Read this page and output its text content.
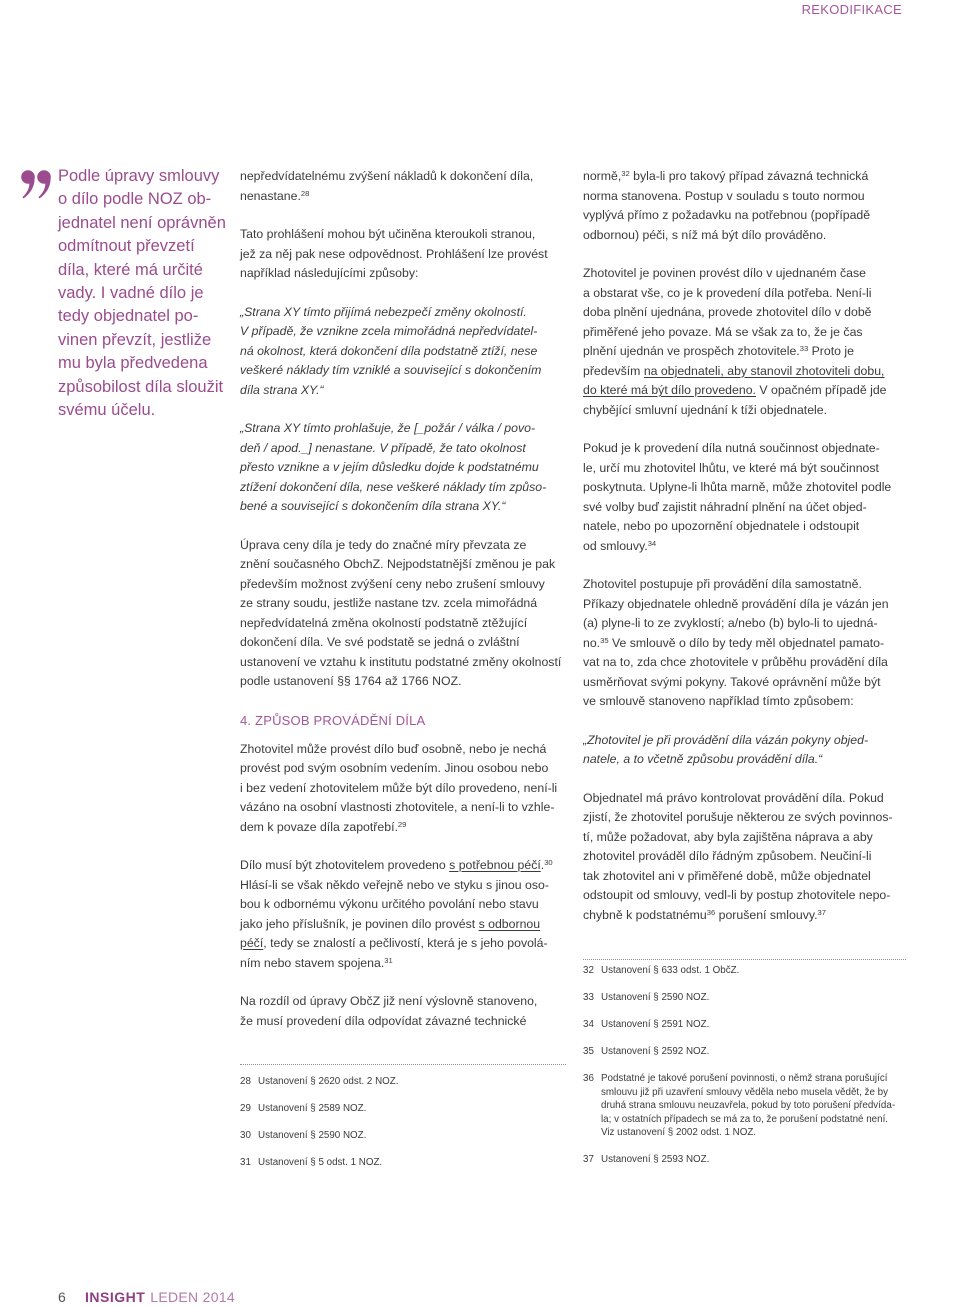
REKODIFIKACE
Podle úpravy smlouvy
o dílo podle NOZ ob-
jednatel není oprávněn
odmítnout převzetí
díla, které má určité
vady. I vadné dílo je
tedy objednatel po-
vinen převzít, jestliže
mu byla předvedena
způsobilost díla sloužit
svému účelu.
nepředvídatelnému zvýšení nákladů k dokončení díla,
nenastane.$^{28}$
Tato prohlášení mohou být učiněna kteroukoli stranou,
jež za něj pak nese odpovědnost. Prohlášení lze provést
například následujícími způsoby:
„Strana XY tímto přijímá nebezpečí změny okolností.
V případě, že vznikne zcela mimořádná nepředvídatel-
ná okolnost, která dokončení díla podstatně ztíží, nese
veškeré náklady tím vzniklé a související s dokončením
díla strana XY.“
„Strana XY tímto prohlašuje, že [_požár / válka / povo-
deň / apod._] nenastane. V případě, že tato okolnost
přesto vznikne a v jejím důsledku dojde k podstatnému
ztížení dokončení díla, nese veškeré náklady tím způso-
bené a související s dokončením díla strana XY.“
Úprava ceny díla je tedy do značné míry převzata ze
znění současného ObchZ. Nejpodstatnější změnou je pak
především možnost zvýšení ceny nebo zrušení smlouvy
ze strany soudu, jestliže nastane tzv. zcela mimořádná
nepředvídatelná změna okolností podstatně ztěžující
dokončení díla. Ve své podstatě se jedná o zvláštní
ustanovení ve vztahu k institutu podstatné změny okolností
podle ustanovení §§ 1764 až 1766 NOZ.
4. ZPŮSOB PROVÁDĚNÍ DÍLA
Zhotovitel může provést dílo buď osobně, nebo je nechá
provést pod svým osobním vedením. Jinou osobou nebo
i bez vedení zhotovitelem může být dílo provedeno, není-li
vázáno na osobní vlastnosti zhotovitele, a není-li to vzhle-
dem k povaze díla zapotřebí.$^{29}$
Dílo musí být zhotovitelem provedeno s potřebnou péčí.$^{30}$
Hlásí-li se však někdo veřejně nebo ve styku s jinou oso-
bou k odbornému výkonu určitého povolání nebo stavu
jako jeho příslušník, je povinen dílo provést s odbornou
péčí, tedy se znalostí a pečlivostí, která je s jeho povolá-
ním nebo stavem spojena.$^{31}$
Na rozdíl od úpravy ObčZ již není výslovně stanoveno,
že musí provedení díla odpovídat závazné technické
28 Ustanovení § 2620 odst. 2 NOZ.
29 Ustanovení § 2589 NOZ.
30 Ustanovení § 2590 NOZ.
31 Ustanovení § 5 odst. 1 NOZ.
normě,$^{32}$ byla-li pro takový případ závazná technická
norma stanovena. Postup v souladu s touto normou
vyplývá přímo z požadavku na potřebnou (popřípadě
odbornou) péči, s níž má být dílo prováděno.
Zhotovitel je povinen provést dílo v ujednaném čase
a obstarat vše, co je k provedení díla potřeba. Není-li
doba plnění ujednána, provede zhotovitel dílo v době
přiměřené jeho povaze. Má se však za to, že je čas
plnění ujednán ve prospěch zhotovitele.$^{33}$ Proto je
především na objednateli, aby stanovil zhotoviteli dobu,
do které má být dílo provedeno. V opačném případě jde
chybějící smluvní ujednání k tíži objednatele.
Pokud je k provedení díla nutná součinnost objednate-
le, určí mu zhotovitel lhůtu, ve které má být součinnost
poskytnuta. Uplyne-li lhůta marně, může zhotovitel podle
své volby buď zajistit náhradní plnění na účet objed-
natele, nebo po upozornění objednatele i odstoupit
od smlouvy.$^{34}$
Zhotovitel postupuje při provádění díla samostatně.
Příkazy objednatele ohledně provádění díla je vázán jen
(a) plyne-li to ze zvyklostí; a/nebo (b) bylo-li to ujedná-
no.$^{35}$ Ve smlouvě o dílo by tedy měl objednatel pamato-
vat na to, zda chce zhotovitele v průběhu provádění díla
usměrňovat svými pokyny. Takové oprávnění může být
ve smlouvě stanoveno například tímto způsobem:
„Zhotovitel je při provádění díla vázán pokyny objed-
natele, a to včetně způsobu provádění díla.“
Objednatel má právo kontrolovat provádění díla. Pokud
zjistí, že zhotovitel porušuje některou ze svých povinnos-
tí, může požadovat, aby byla zajištěna náprava a aby
zhotovitel prováděl dílo řádným způsobem. Neučiní-li
tak zhotovitel ani v přiměřené době, může objednatel
odstoupit od smlouvy, vedl-li by postup zhotovitele nepo-
chybně k podstatnému$^{36}$ porušení smlouvy.$^{37}$
32 Ustanovení § 633 odst. 1 ObčZ.
33 Ustanovení § 2590 NOZ.
34 Ustanovení § 2591 NOZ.
35 Ustanovení § 2592 NOZ.
36 Podstatné je takové porušení povinnosti, o němž strana porušující
smlouvu již při uzavření smlouvy věděla nebo musela vědět, že by
druhá strana smlouvu neuzavřela, pokud by toto porušení předvída-
la; v ostatních případech se má za to, že porušení podstatné není.
Viz ustanovení § 2002 odst. 1 NOZ.
37 Ustanovení § 2593 NOZ.
6 INSIGHT LEDEN 2014
